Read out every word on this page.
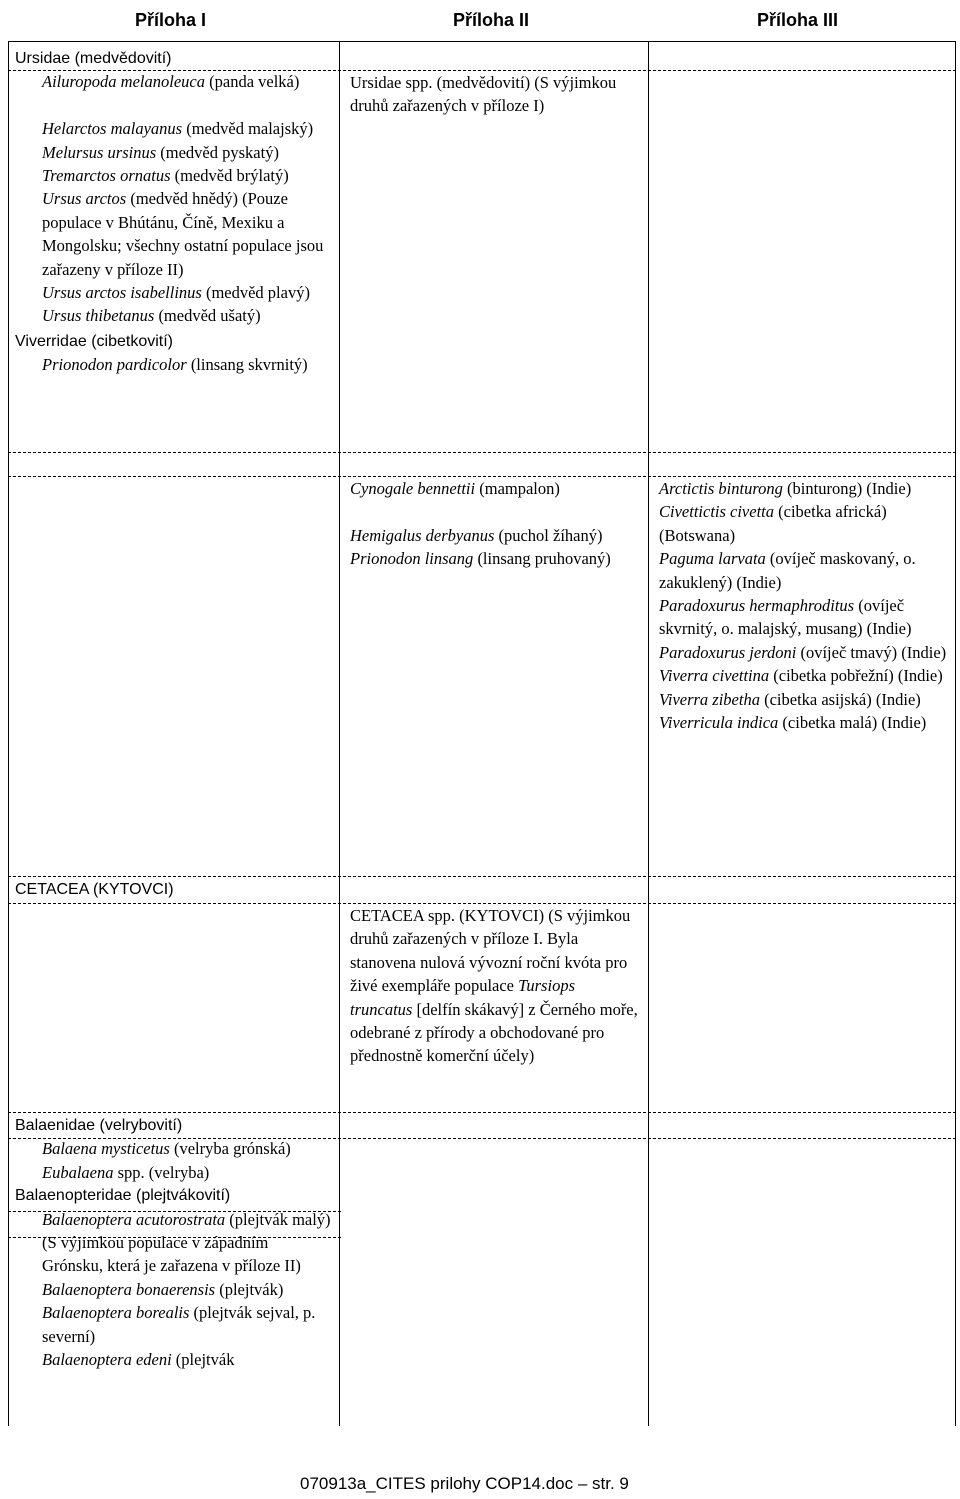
Příloha I	Příloha II	Příloha III
Ursidae (medvědovití)
Ailuropoda melanoleuca (panda velká)
Helarctos malayanus (medvěd malajský)
Melursus ursinus (medvěd pyskatý)
Tremarctos ornatus (medvěd brýlatý)
Ursus arctos (medvěd hnědý) (Pouze populace v Bhútánu, Číně, Mexiku a Mongolsku; všechny ostatní populace jsou zařazeny v příloze II)
Ursus arctos isabellinus (medvěd plavý)
Ursus thibetanus (medvěd ušatý)
Viverridae (cibetkovití)
Prionodon pardicolor (linsang skvrnitý)
CETACEA (KYTOVCI)
Balaenidae (velrybovití)
Balaena mysticetus (velryba grónská)
Eubalaena spp. (velryba)
Balaenopteridae (plejtvákovití)
Balaenoptera acutorostrata (plejtvák malý) (S výjimkou populace v západním Grónsku, která je zařazena v příloze II)
Balaenoptera bonaerensis (plejtvák)
Balaenoptera borealis (plejtvák sejval, p. severní)
Balaenoptera edeni (plejtvák
Ursidae spp. (medvědovití) (S výjimkou druhů zařazených v příloze I)
Cynogale bennettii (mampalon)
Hemigalus derbyanus (puchol žíhaný)
Prionodon linsang (linsang pruhovaný)
CETACEA spp. (KYTOVCI) (S výjimkou druhů zařazených v příloze I. Byla stanovena nulová vývozní roční kvóta pro živé exempláře populace Tursiops truncatus [delfín skákavý] z Černého moře, odebrané z přírody a obchodované pro přednostně komerční účely)
Arctictis binturong (binturong) (Indie)
Civettictis civetta (cibetka africká) (Botswana)
Paguma larvata (ovíječ maskovaný, o. zakuklený) (Indie)
Paradoxurus hermaphroditus (ovíječ skvrnitý, o. malajský, musang) (Indie)
Paradoxurus jerdoni (ovíječ tmavý) (Indie)
Viverra civettina (cibetka pobřežní) (Indie)
Viverra zibetha (cibetka asijská) (Indie)
Viverricula indica (cibetka malá) (Indie)
070913a_CITES prilohy COP14.doc – str. 9
